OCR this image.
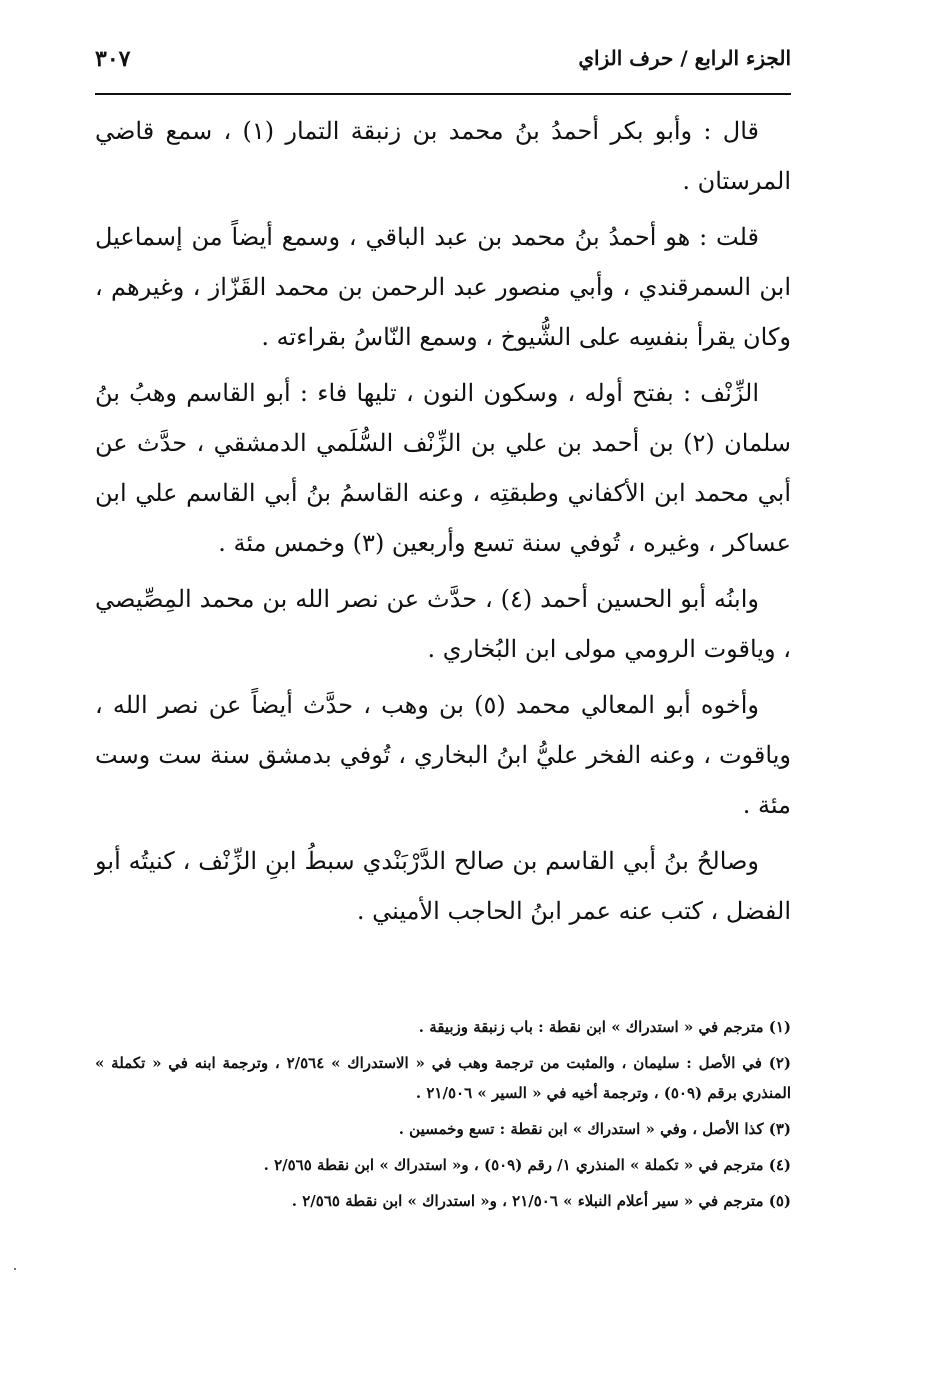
الجزء الرابع / حرف الزاي
٣٠٧

قال : وأبو بكر أحمدُ بنُ محمد بن زنبقة التمار (١) ، سمع قاضي المرستان .

قلت : هو أحمدُ بنُ محمد بن عبد الباقي ، وسمع أيضاً من إسماعيل ابن السمرقندي ، وأبي منصور عبد الرحمن بن محمد القَزّاز ، وغيرهم ، وكان يقرأ بنفسِه على الشُّيوخ ، وسمع النّاسُ بقراءته .

الزِّنْف : بفتح أوله ، وسكون النون ، تليها فاء : أبو القاسم وهبُ بنُ سلمان (٢) بن أحمد بن علي بن الزِّنْف السُّلَمي الدمشقي ، حدَّث عن أبي محمد ابن الأكفاني وطبقتِه ، وعنه القاسمُ بنُ أبي القاسم علي ابن عساكر ، وغيره ، تُوفي سنة تسع وأربعين (٣) وخمس مئة .

وابنُه أبو الحسين أحمد (٤) ، حدَّث عن نصر الله بن محمد المِصِّيصي ، وياقوت الرومي مولى ابن البُخاري .

وأخوه أبو المعالي محمد (٥) بن وهب ، حدَّث أيضاً عن نصر الله ، وياقوت ، وعنه الفخر عليُّ ابنُ البخاري ، تُوفي بدمشق سنة ست وست مئة .

وصالحُ بنُ أبي القاسم بن صالح الدَّرْبَنْدي سبطُ ابنِ الزِّنْف ، كنيتُه أبو الفضل ، كتب عنه عمر ابنُ الحاجب الأميني .

(١) مترجم في « استدراك » ابن نقطة : باب زنبقة وزبيقة .

(٢) في الأصل : سليمان ، والمثبت من ترجمة وهب في « الاستدراك » ٢/٥٦٤ ، وترجمة ابنه في « تكملة » المنذري برقم (٥٠٩) ، وترجمة أخيه في « السير » ٢١/٥٠٦ .

(٣) كذا الأصل ، وفي « استدراك » ابن نقطة : تسع وخمسين .

(٤) مترجم في « تكملة » المنذري ١/ رقم (٥٠٩) ، و« استدراك » ابن نقطة ٢/٥٦٥ .

(٥) مترجم في « سير أعلام النبلاء » ٢١/٥٠٦ ، و« استدراك » ابن نقطة ٢/٥٦٥ .
